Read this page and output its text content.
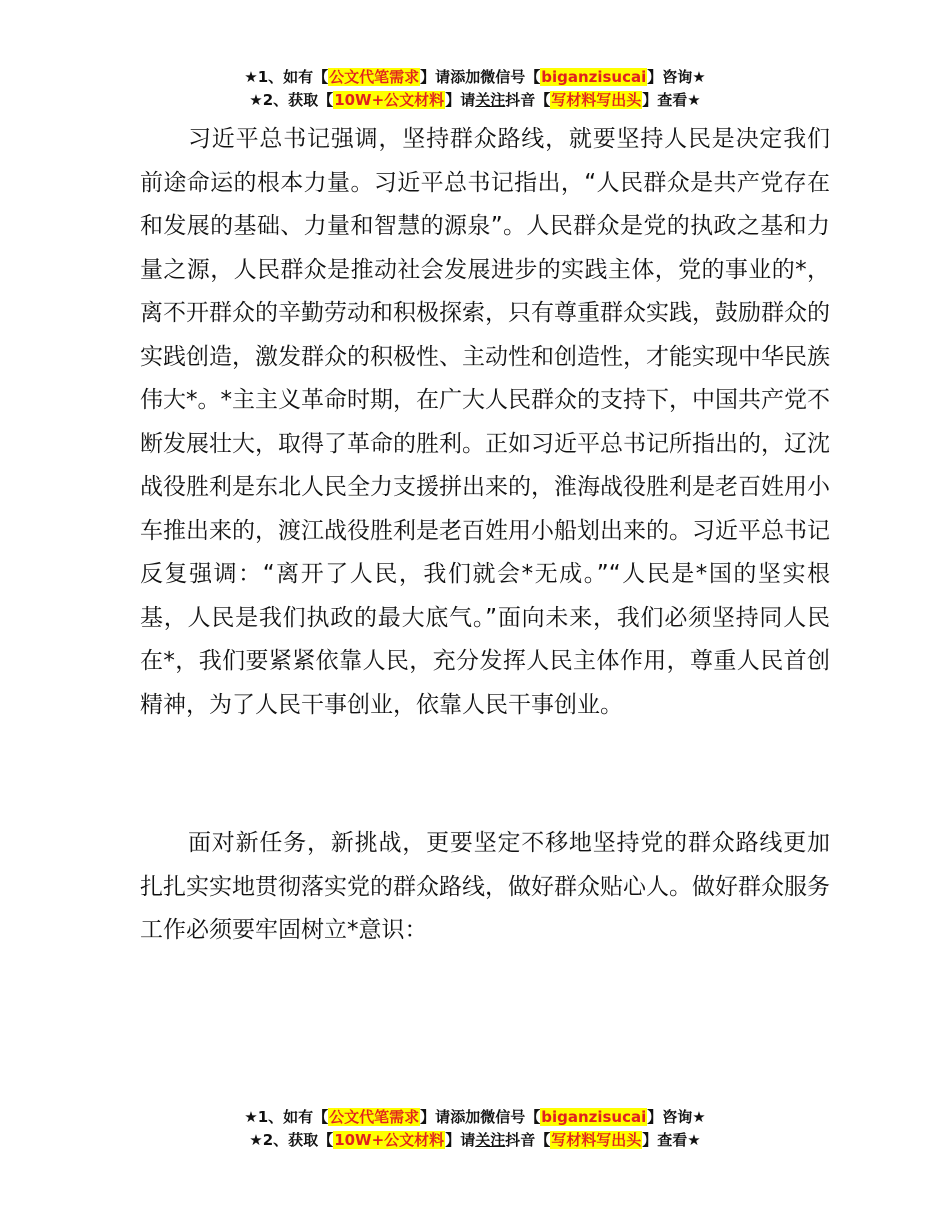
★1、如有【公文代笔需求】请添加微信号【biganzisucai】咨询★
★2、获取【10W+公文材料】请关注抖音【写材料写出头】查看★

习近平总书记强调，坚持群众路线，就要坚持人民是决定我们前途命运的根本力量。习近平总书记指出，“人民群众是共产党存在和发展的基础、力量和智慧的源泉”。人民群众是党的执政之基和力量之源，人民群众是推动社会发展进步的实践主体，党的事业的*，离不开群众的辛勤劳动和积极探索，只有尊重群众实践，鼓励群众的实践创造，激发群众的积极性、主动性和创造性，才能实现中华民族伟大*。*主主义革命时期，在广大人民群众的支持下，中国共产党不断发展壮大，取得了革命的胜利。正如习近平总书记所指出的，辽沈战役胜利是东北人民全力支援拼出来的，淮海战役胜利是老百姓用小车推出来的，渡江战役胜利是老百姓用小船划出来的。习近平总书记反复强调：“离开了人民，我们就会*无成。”“人民是*国的坚实根基，人民是我们执政的最大底气。”面向未来，我们必须坚持同人民在*，我们要紧紧依靠人民，充分发挥人民主体作用，尊重人民首创精神，为了人民干事创业，依靠人民干事创业。

面对新任务，新挑战，更要坚定不移地坚持党的群众路线更加扎扎实实地贯彻落实党的群众路线，做好群众贴心人。做好群众服务工作必须要牢固树立*意识：

★1、如有【公文代笔需求】请添加微信号【biganzisucai】咨询★
★2、获取【10W+公文材料】请关注抖音【写材料写出头】查看★
